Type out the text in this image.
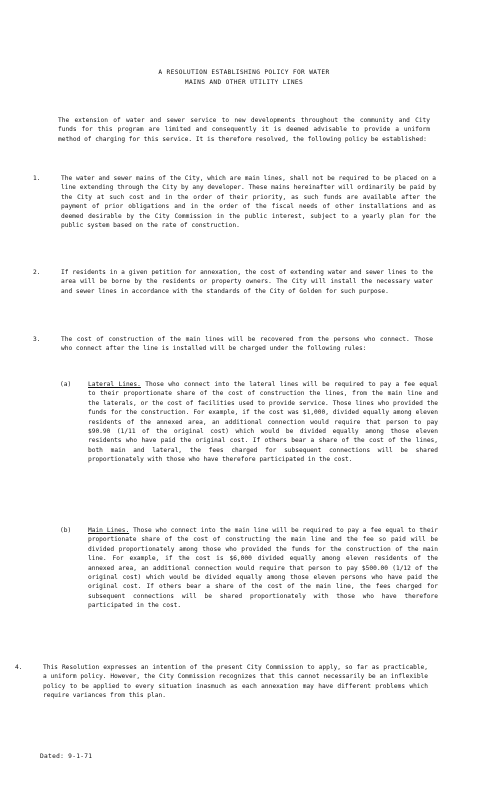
A RESOLUTION ESTABLISHING POLICY FOR WATER
MAINS AND OTHER UTILITY LINES
The extension of water and sewer service to new developments throughout the community and City funds for this program are limited and consequently it is deemed advisable to provide a uniform method of charging for this service. It is therefore resolved, the following policy be established:
1.	The water and sewer mains of the City, which are main lines, shall not be required to be placed on a line extending through the City by any developer. These mains hereinafter will ordinarily be paid by the City at such cost and in the order of their priority, as such funds are available after the payment of prior obligations and in the order of the fiscal needs of other installations and as deemed desirable by the City Commission in the public interest, subject to a yearly plan for the public system based on the rate of construction.
2.	If residents in a given petition for annexation, the cost of extending water and sewer lines to the area will be borne by the residents or property owners. The City will install the necessary water and sewer lines in accordance with the standards of the City of Golden for such purpose.
3.	The cost of construction of the main lines will be recovered from the persons who connect. Those who connect after the line is installed will be charged under the following rules:
(a)	Lateral Lines. Those who connect into the lateral lines will be required to pay a fee equal to their proportionate share of the cost of construction the lines, from the main line and the laterals, or the cost of facilities used to provide service. Those lines who provided the funds for the construction. For example, if the cost was $1,000, divided equally among eleven residents of the annexed area, an additional connection would require that person to pay $90.90 (1/11 of the original cost) which would be divided equally among those eleven residents who have paid the original cost. If others bear a share of the cost of the lines, both main and lateral, the fees charged for subsequent connections will be shared proportionately with those who have therefore participated in the cost.
(b)	Main Lines. Those who connect into the main line will be required to pay a fee equal to their proportionate share of the cost of constructing the main line and the fee so paid will be divided proportionately among those who provided the funds for the construction of the main line. For example, if the cost is $6,000 divided equally among eleven residents of the annexed area, an additional connection would require that person to pay $500.00 (1/12 of the original cost) which would be divided equally among those eleven persons who have paid the original cost. If others bear a share of the cost of the main line, the fees charged for subsequent connections will be shared proportionately with those who have therefore participated in the cost.
4.	This Resolution expresses an intention of the present City Commission to apply, so far as practicable, a uniform policy. However, the City Commission recognizes that this cannot necessarily be an inflexible policy to be applied to every situation inasmuch as each annexation may have different problems which require variances from this plan.
Dated: 9-1-71
